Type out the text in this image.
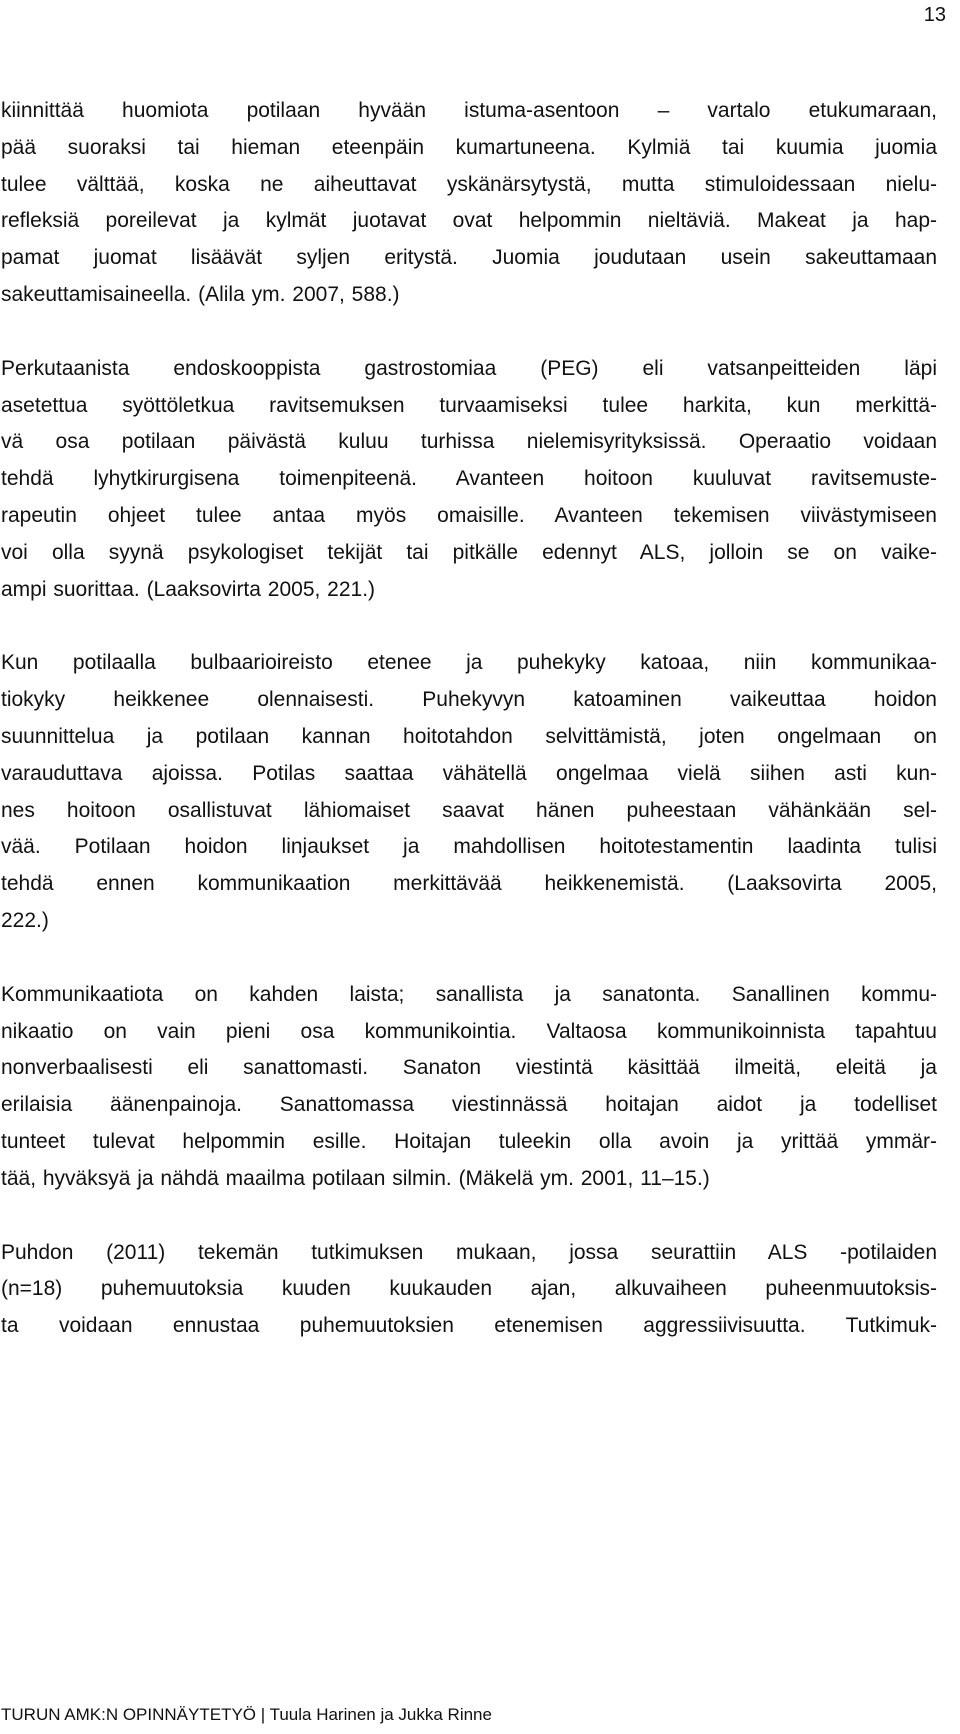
13

kiinnittää huomiota potilaan hyvään istuma-asentoon – vartalo etukumaraan,
pää suoraksi tai hieman eteenpäin kumartuneena. Kylmiä tai kuumia juomia
tulee välttää, koska ne aiheuttavat yskänärsytystä, mutta stimuloidessaan nielu-
refleksiä poreilevat ja kylmät juotavat ovat helpommin nieltäviä. Makeat ja hap-
pamat juomat lisäävät syljen eritystä. Juomia joudutaan usein sakeuttamaan
sakeuttamisaineella. (Alila ym. 2007, 588.)

Perkutaanista endoskooppista gastrostomiaa (PEG) eli vatsanpeitteiden läpi
asetettua syöttöletkua ravitsemuksen turvaamiseksi tulee harkita, kun merkittä-
vä osa potilaan päivästä kuluu turhissa nielemisyrityksissä. Operaatio voidaan
tehdä lyhytkirurgisena toimenpiteenä. Avanteen hoitoon kuuluvat ravitsemuste-
rapeutin ohjeet tulee antaa myös omaisille. Avanteen tekemisen viivästymiseen
voi olla syynä psykologiset tekijät tai pitkälle edennyt ALS, jolloin se on vaike-
ampi suorittaa. (Laaksovirta 2005, 221.)

Kun potilaalla bulbaarioireisto etenee ja puhekyky katoaa, niin kommunikaa-
tiokyky heikkenee olennaisesti. Puhekyvyn katoaminen vaikeuttaa hoidon
suunnittelua ja potilaan kannan hoitotahdon selvittämistä, joten ongelmaan on
varauduttava ajoissa. Potilas saattaa vähätellä ongelmaa vielä siihen asti kun-
nes hoitoon osallistuvat lähiomaiset saavat hänen puheestaan vähänkään sel-
vää. Potilaan hoidon linjaukset ja mahdollisen hoitotestamentin laadinta tulisi
tehdä ennen kommunikaation merkittävää heikkenemistä. (Laaksovirta 2005,
222.)

Kommunikaatiota on kahden laista; sanallista ja sanatonta. Sanallinen kommu-
nikaatio on vain pieni osa kommunikointia. Valtaosa kommunikoinnista tapahtuu
nonverbaalisesti eli sanattomasti. Sanaton viestintä käsittää ilmeitä, eleitä ja
erilaisia äänenpainoja. Sanattomassa viestinnässä hoitajan aidot ja todelliset
tunteet tulevat helpommin esille. Hoitajan tuleekin olla avoin ja yrittää ymmär-
tää, hyväksyä ja nähdä maailma potilaan silmin. (Mäkelä ym. 2001, 11–15.)

Puhdon (2011) tekemän tutkimuksen mukaan, jossa seurattiin ALS -potilaiden
(n=18) puhemuutoksia kuuden kuukauden ajan, alkuvaiheen puheenmuutoksis-
ta voidaan ennustaa puhemuutoksien etenemisen aggressiivisuutta. Tutkimuk-

TURUN AMK:N OPINNÄYTETYÖ | Tuula Harinen ja Jukka Rinne
